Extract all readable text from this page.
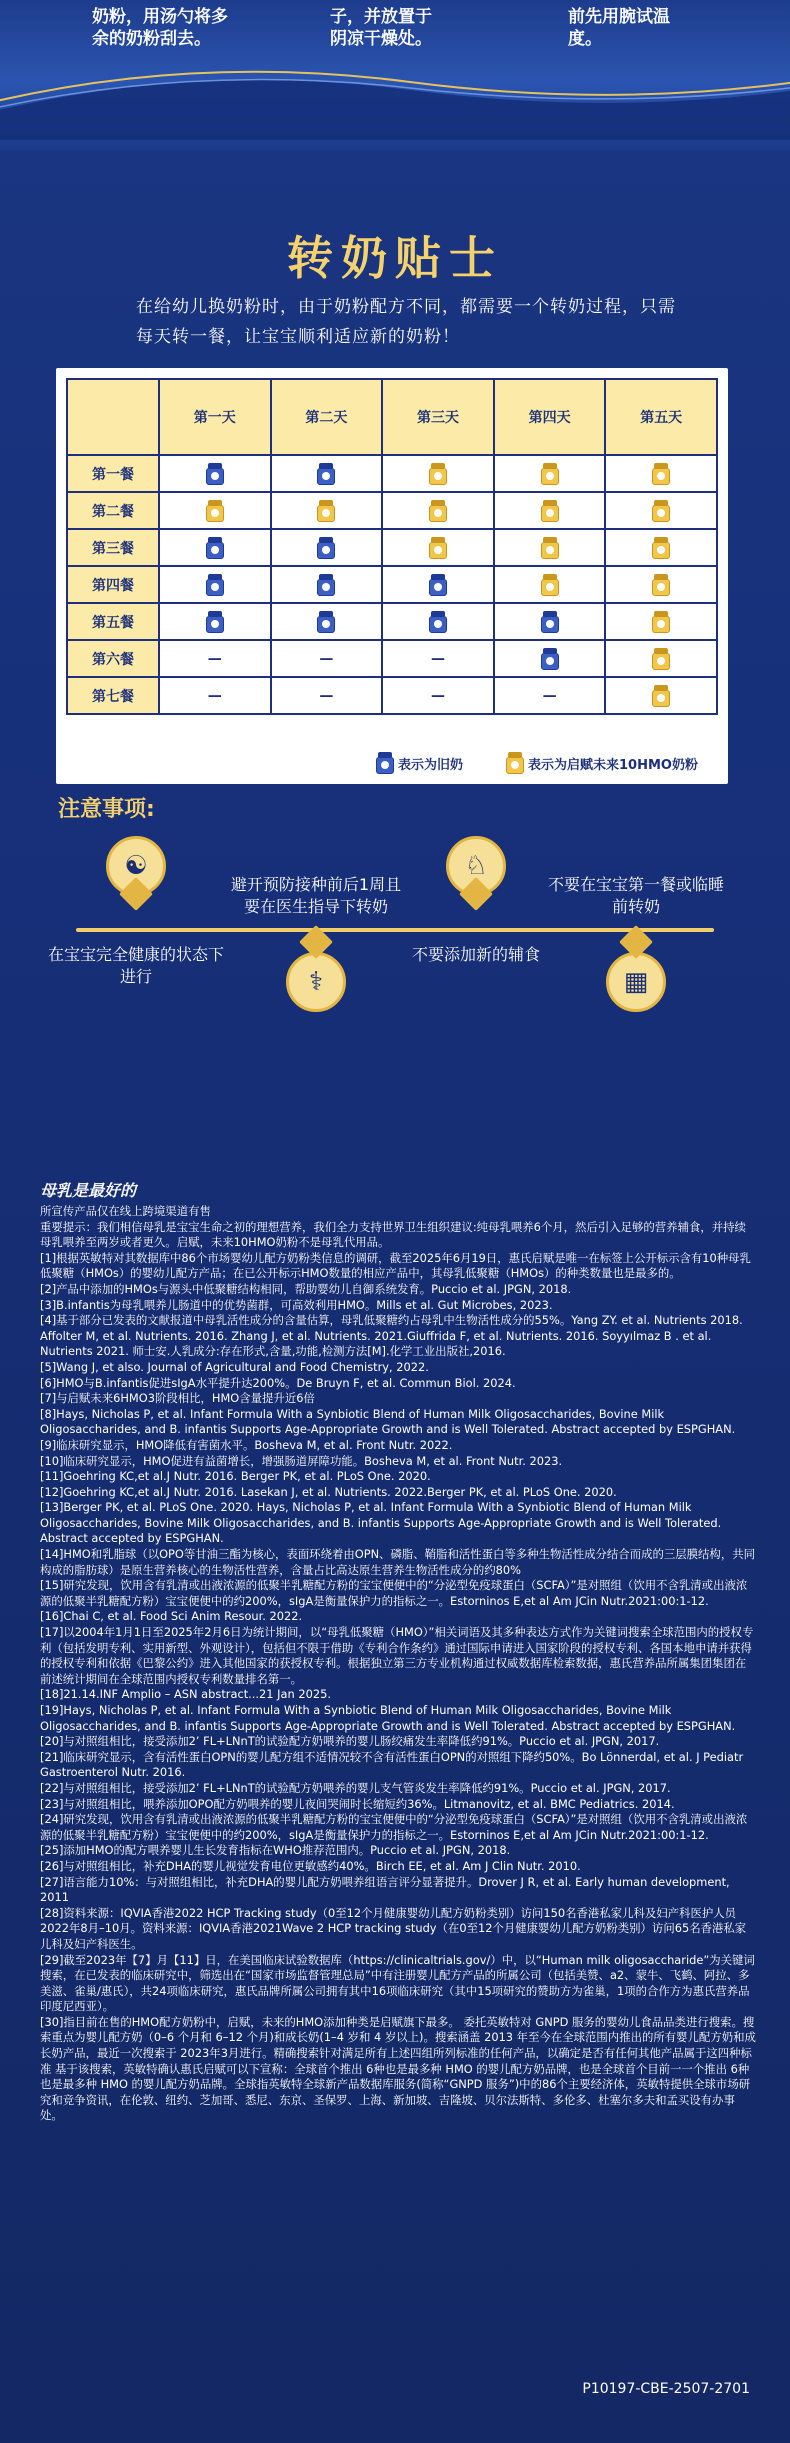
奶粉，用汤勺将多
余的奶粉刮去。
子，并放置于
阴凉干燥处。
前先用腕试温
度。
转奶贴士
在给幼儿换奶粉时，由于奶粉配方不同，都需要一个转奶过程，只需每天转一餐，让宝宝顺利适应新的奶粉！
	第一天	第二天	第三天	第四天	第五天
第一餐	

第二餐	

第三餐	

第四餐	

第五餐	

第六餐	—	—	—	

第七餐	—	—	—	—	
表示为旧奶	表示为启赋未来10HMO奶粉
注意事项:
☯
在宝宝完全健康的状态下进行	⚕
避开预防接种前后1周且要在医生指导下转奶
♘
不要添加新的辅食
▦
不要在宝宝第一餐或临睡前转奶
母乳是最好的

所宣传产品仅在线上跨境渠道有售

重要提示：我们相信母乳是宝宝生命之初的理想营养，我们全力支持世界卫生组织建议:纯母乳喂养6个月，然后引入足够的营养辅食，并持续母乳喂养至两岁或者更久。启赋，未来10HMO奶粉不是母乳代用品。

[1]根据英敏特对其数据库中86个市场婴幼儿配方奶粉类信息的调研，截至2025年6月19日，惠氏启赋是唯一在标签上公开标示含有10种母乳低聚糖（HMOs）的婴幼儿配方产品；在已公开标示HMO数量的相应产品中，其母乳低聚糖（HMOs）的种类数量也是最多的。

[2]产品中添加的HMOs与源头中低聚糖结构相同，帮助婴幼儿自御系统发育。Puccio et al. JPGN, 2018.

[3]B.infantis为母乳喂养儿肠道中的优势菌群，可高效利用HMO。Mills et al. Gut Microbes, 2023.

[4]基于部分已发表的文献报道中母乳活性成分的含量估算，母乳低聚糖约占母乳中生物活性成分的55%。Yang ZY. et al. Nutrients 2018. Affolter M, et al. Nutrients. 2016. Zhang J, et al. Nutrients. 2021.Giuffrida F, et al. Nutrients. 2016. Soyyılmaz B . et al. Nutrients 2021. 师士安.人乳成分:存在形式,含量,功能,检测方法[M].化学工业出版社,2016.

[5]Wang J, et also. Journal of Agricultural and Food Chemistry, 2022.

[6]HMO与B.infantis促进sIgA水平提升达200%。De Bruyn F, et al. Commun Biol. 2024.

[7]与启赋未来6HMO3阶段相比，HMO含量提升近6倍

[8]Hays, Nicholas P, et al. Infant Formula With a Synbiotic Blend of Human Milk Oligosaccharides, Bovine Milk Oligosaccharides, and B. infantis Supports Age-Appropriate Growth and is Well Tolerated. Abstract accepted by ESPGHAN.

[9]临床研究显示，HMO降低有害菌水平。Bosheva M, et al. Front Nutr. 2022.

[10]临床研究显示，HMO促进有益菌增长，增强肠道屏障功能。Bosheva M, et al. Front Nutr. 2023.

[11]Goehring KC,et al.J Nutr. 2016. Berger PK, et al. PLoS One. 2020.

[12]Goehring KC,et al.J Nutr. 2016. Lasekan J, et al. Nutrients. 2022.Berger PK, et al. PLoS One. 2020.

[13]Berger PK, et al. PLoS One. 2020. Hays, Nicholas P, et al. Infant Formula With a Synbiotic Blend of Human Milk Oligosaccharides, Bovine Milk Oligosaccharides, and B. infantis Supports Age-Appropriate Growth and is Well Tolerated. Abstract accepted by ESPGHAN.

[14]HMO和乳脂球（以OPO等甘油三酯为核心，表面环绕着由OPN、磷脂、鞘脂和活性蛋白等多种生物活性成分结合而成的三层膜结构，共同构成的脂肪球）是原生营养核心的生物活性营养，含量占比高达原生营养生物活性成分的约80%

[15]研究发现，饮用含有乳清或出液浓源的低聚半乳糖配方粉的宝宝便便中的“分泌型免疫球蛋白（SCFA）”是对照组（饮用不含乳清或出液浓源的低聚半乳糖配方粉）宝宝便便中的约200%，sIgA是衡量保护力的指标之一。Estorninos E,et al Am JCin Nutr.2021:00:1-12.

[16]Chai C, et al. Food Sci Anim Resour. 2022.

[17]以2004年1月1日至2025年2月6日为统计期间，以“母乳低聚糖（HMO）”相关词语及其多种表达方式作为关键词搜索全球范围内的授权专利（包括发明专利、实用新型、外观设计），包括但不限于借助《专利合作条约》通过国际申请进入国家阶段的授权专利、各国本地申请并获得的授权专利和依据《巴黎公约》进入其他国家的获授权专利。根据独立第三方专业机构通过权威数据库检索数据，惠氏营养品所属集团集团在前述统计期间在全球范围内授权专利数量排名第一。

[18]21.14.INF Amplio – ASN abstract...21 Jan 2025.

[19]Hays, Nicholas P, et al. Infant Formula With a Synbiotic Blend of Human Milk Oligosaccharides, Bovine Milk Oligosaccharides, and B. infantis Supports Age-Appropriate Growth and is Well Tolerated. Abstract accepted by ESPGHAN.

[20]与对照组相比，接受添加2’ FL+LNnT的试验配方奶喂养的婴儿肠绞痛发生率降低约91%。Puccio et al. JPGN, 2017.

[21]临床研究显示，含有活性蛋白OPN的婴儿配方组不适情况较不含有活性蛋白OPN的对照组下降约50%。Bo Lönnerdal, et al. J Pediatr Gastroenterol Nutr. 2016.

[22]与对照组相比，接受添加2’ FL+LNnT的试验配方奶喂养的婴儿支气管炎发生率降低约91%。Puccio et al. JPGN, 2017.

[23]与对照组相比，喂养添加OPO配方奶喂养的婴儿夜间哭闹时长缩短约36%。Litmanovitz, et al. BMC Pediatrics. 2014.

[24]研究发现，饮用含有乳清或出液浓源的低聚半乳糖配方粉的宝宝便便中的“分泌型免疫球蛋白（SCFA）”是对照组（饮用不含乳清或出液浓源的低聚半乳糖配方粉）宝宝便便中的约200%，sIgA是衡量保护力的指标之一。Estorninos E,et al Am JCin Nutr.2021:00:1-12.

[25]添加HMO的配方喂养婴儿生长发育指标在WHO推荐范围内。Puccio et al. JPGN, 2018.

[26]与对照组相比，补充DHA的婴儿视觉发育电位更敏感约40%。Birch EE, et al. Am J Clin Nutr. 2010.

[27]语言能力10%：与对照组相比，补充DHA的婴儿配方奶喂养组语言评分显著提升。Drover J R, et al. Early human development, 2011

[28]资料来源：IQVIA香港2022 HCP Tracking study（0至12个月健康婴幼儿配方奶粉类别）访问150名香港私家儿科及妇产科医护人员2022年8月–10月。资料来源：IQVIA香港2021Wave 2 HCP tracking study（在0至12个月健康婴幼儿配方奶粉类别）访问65名香港私家儿科及妇产科医生。

[29]截至2023年【7】月【11】日，在美国临床试验数据库（https://clinicaltrials.gov/）中，以“Human milk oligosaccharide”为关键词搜索，在已发表的临床研究中，筛选出在“国家市场监督管理总局”中有注册婴儿配方产品的所属公司（包括美赞、a2、蒙牛、飞鹤、阿拉、多美滋、雀巢/惠氏），共24项临床研究，惠氏品牌所属公司拥有其中16项临床研究（其中15项研究的赞助方为雀巢，1项的合作方为惠氏营养品印度尼西亚）。

[30]指目前在售的HMO配方奶粉中，启赋，未来的HMO添加种类是启赋旗下最多。 委托英敏特对 GNPD 服务的婴幼儿食品品类进行搜索。搜索重点为婴儿配方奶（0–6 个月和 6–12 个月)和成长奶(1–4 岁和 4 岁以上)。搜索涵盖 2013 年至今在全球范围内推出的所有婴儿配方奶和成长奶产品，最近一次搜索于 2023年3月进行。精确搜索针对满足所有上述四组所列标准的任何产品，以确定是否有任何其他产品属于这四种标准 基于该搜索，英敏特确认惠氏启赋可以下宣称：全球首个推出 6种也是最多种 HMO 的婴儿配方奶品牌，也是全球首个目前一一个推出 6种也是最多种 HMO 的婴儿配方奶品牌。全球指英敏特全球新产品数据库服务(简称“GNPD 服务”)中的86个主要经济体，英敏特提供全球市场研究和竞争资讯，在伦敦、纽约、芝加哥、悉尼、东京、圣保罗、上海、新加坡、吉隆坡、贝尔法斯特、多伦多、杜塞尔多夫和孟买设有办事处。

P10197-CBE-2507-2701
